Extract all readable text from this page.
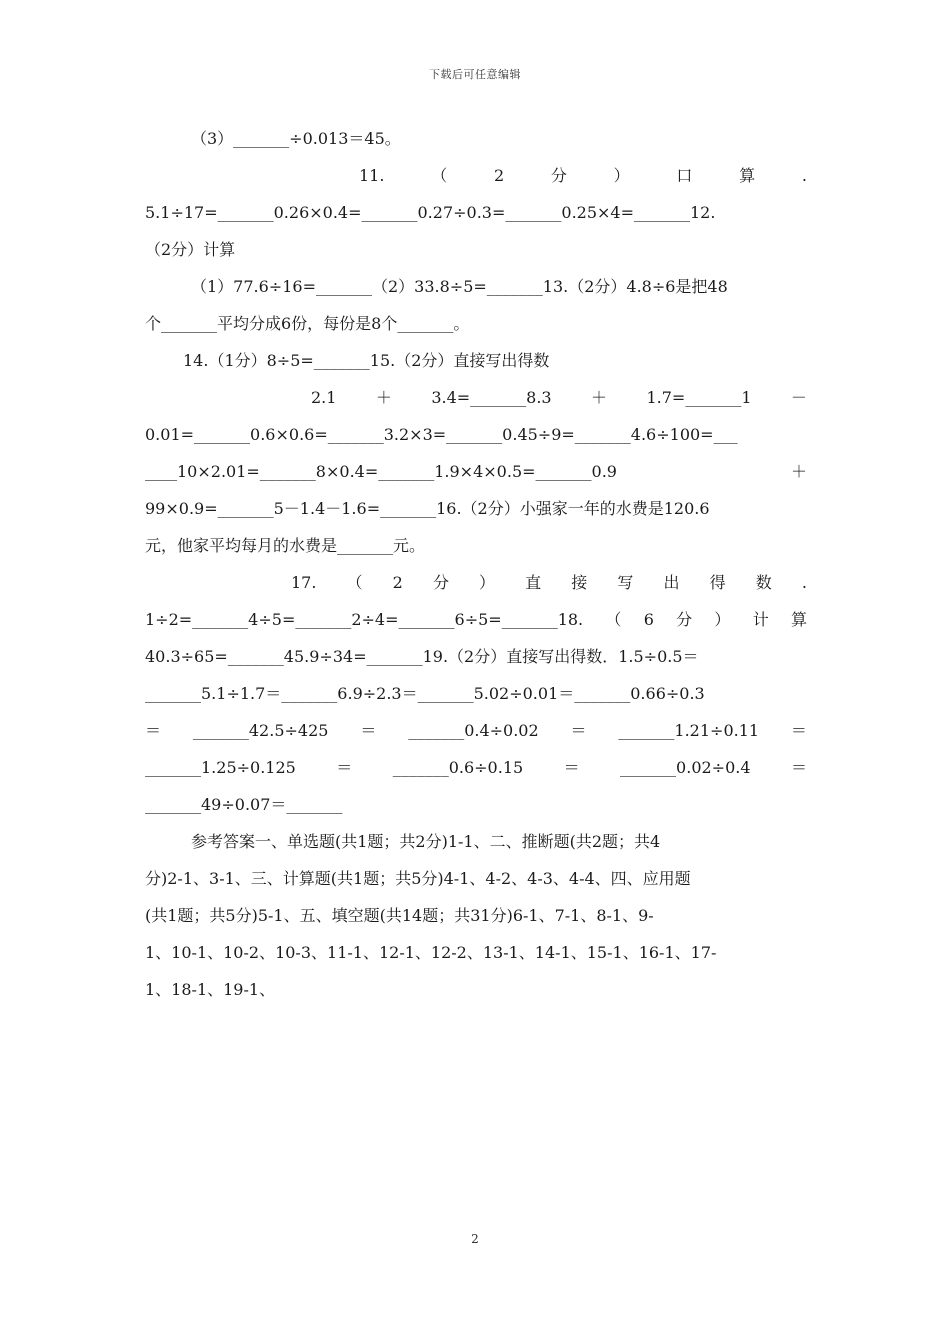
下载后可任意编辑
（3）_______÷0.013＝45。
11.	（	2	分	）	口	算	.
5.1÷17=_______0.26×0.4=_______0.27÷0.3=_______0.25×4=_______12.
（2分）计算
（1）77.6÷16=_______（2）33.8÷5=_______13.（2分）4.8÷6是把48
个_______平均分成6份，每份是8个_______。
14.（1分）8÷5=_______15.（2分）直接写出得数
2.1 ＋ 3.4=_______8.3 ＋ 1.7=_______1 －
0.01=_______0.6×0.6=_______3.2×3=_______0.45÷9=_______4.6÷100=___
____10×2.01=_______8×0.4=_______1.9×4×0.5=_______0.9	＋
99×0.9=_______5－1.4－1.6=_______16.（2分）小强家一年的水费是120.6
元，他家平均每月的水费是_______元。
17. （ 2 分 ） 直 接 写 出 得 数 .
1÷2=_______4÷5=_______2÷4=_______6÷5=_______18. （ 6 分 ） 计 算
40.3÷65=_______45.9÷34=_______19.（2分）直接写出得数．1.5÷0.5＝
_______5.1÷1.7＝_______6.9÷2.3＝_______5.02÷0.01＝_______0.66÷0.3
＝ _______42.5÷425 ＝ _______0.4÷0.02 ＝ _______1.21÷0.11 ＝
_______1.25÷0.125	＝	_______0.6÷0.15	＝	_______0.02÷0.4	＝
_______49÷0.07＝_______
参考答案一、单选题(共1题；共2分)1-1、二、推断题(共2题；共4
分)2-1、3-1、三、计算题(共1题；共5分)4-1、4-2、4-3、4-4、四、应用题
(共1题；共5分)5-1、五、填空题(共14题；共31分)6-1、7-1、8-1、9-
1、10-1、10-2、10-3、11-1、12-1、12-2、13-1、14-1、15-1、16-1、17-
1、18-1、19-1、
2
